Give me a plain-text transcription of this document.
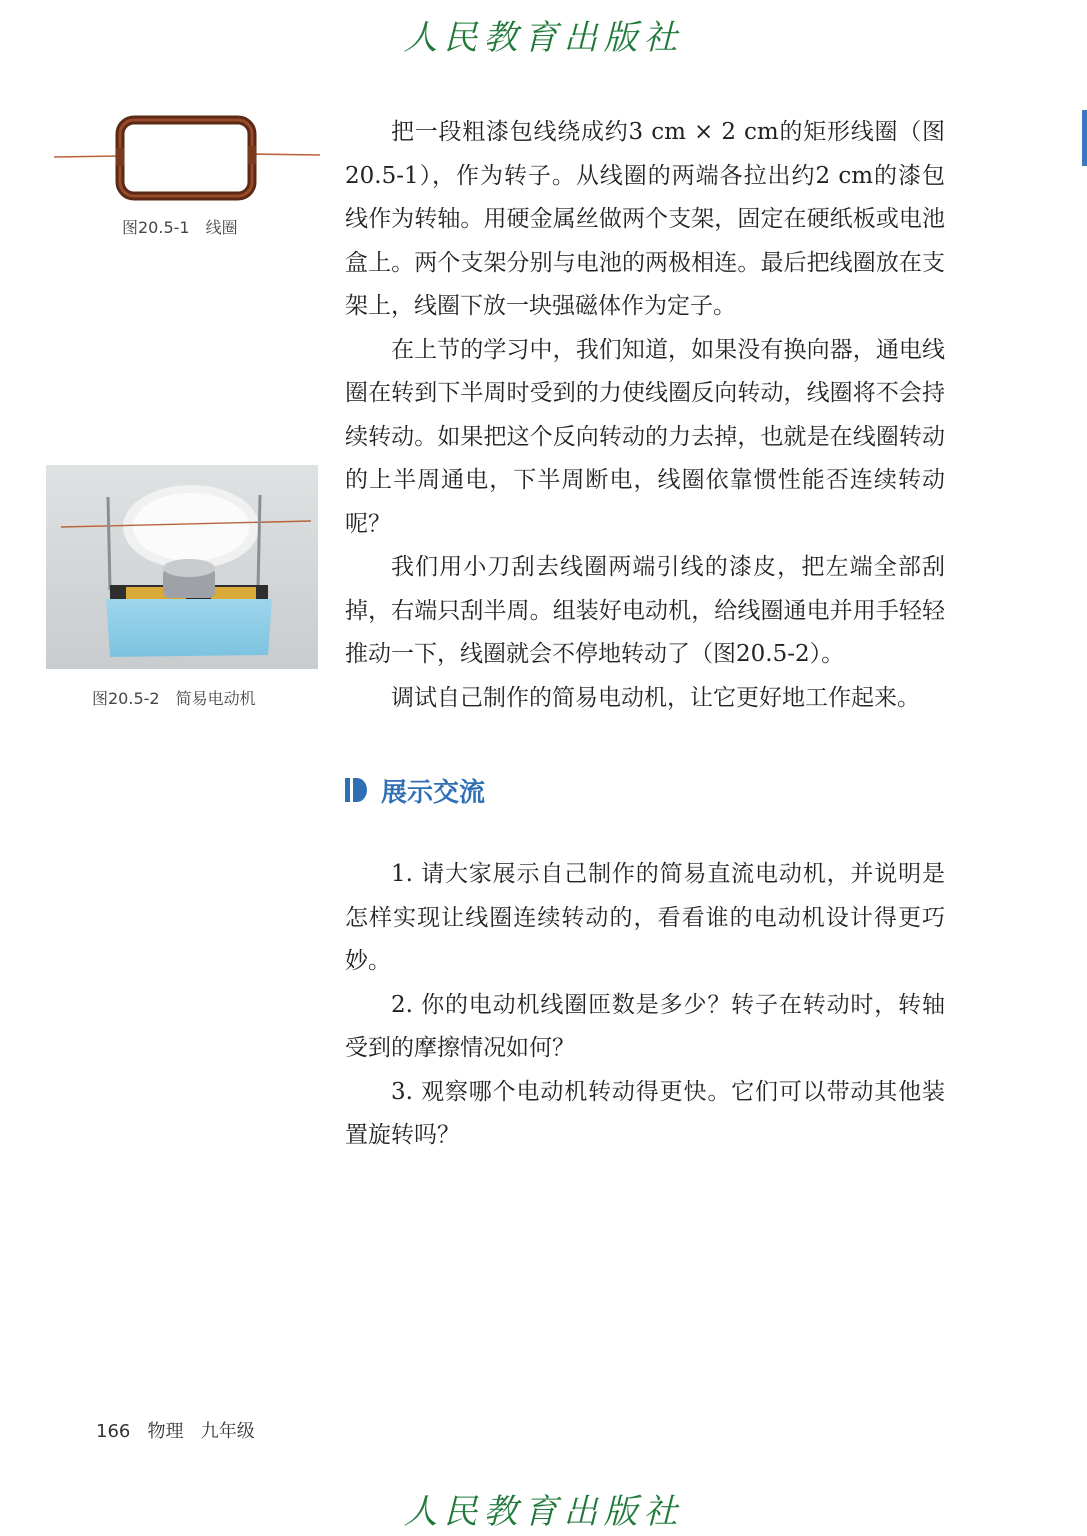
人民教育出版社
图20.5-1　线圈
图20.5-2　简易电动机

把一段粗漆包线绕成约3 cm × 2 cm的矩形线圈（图20.5-1），作为转子。从线圈的两端各拉出约2 cm的漆包线作为转轴。用硬金属丝做两个支架，固定在硬纸板或电池盒上。两个支架分别与电池的两极相连。最后把线圈放在支架上，线圈下放一块强磁体作为定子。

在上节的学习中，我们知道，如果没有换向器，通电线圈在转到下半周时受到的力使线圈反向转动，线圈将不会持续转动。如果把这个反向转动的力去掉，也就是在线圈转动的上半周通电，下半周断电，线圈依靠惯性能否连续转动呢？

我们用小刀刮去线圈两端引线的漆皮，把左端全部刮掉，右端只刮半周。组装好电动机，给线圈通电并用手轻轻推动一下，线圈就会不停地转动了（图20.5-2）。

调试自己制作的简易电动机，让它更好地工作起来。

展示交流

1. 请大家展示自己制作的简易直流电动机，并说明是怎样实现让线圈连续转动的，看看谁的电动机设计得更巧妙。

2. 你的电动机线圈匝数是多少？转子在转动时，转轴受到的摩擦情况如何？

3. 观察哪个电动机转动得更快。它们可以带动其他装置旋转吗？

166 物理 九年级
人民教育出版社
